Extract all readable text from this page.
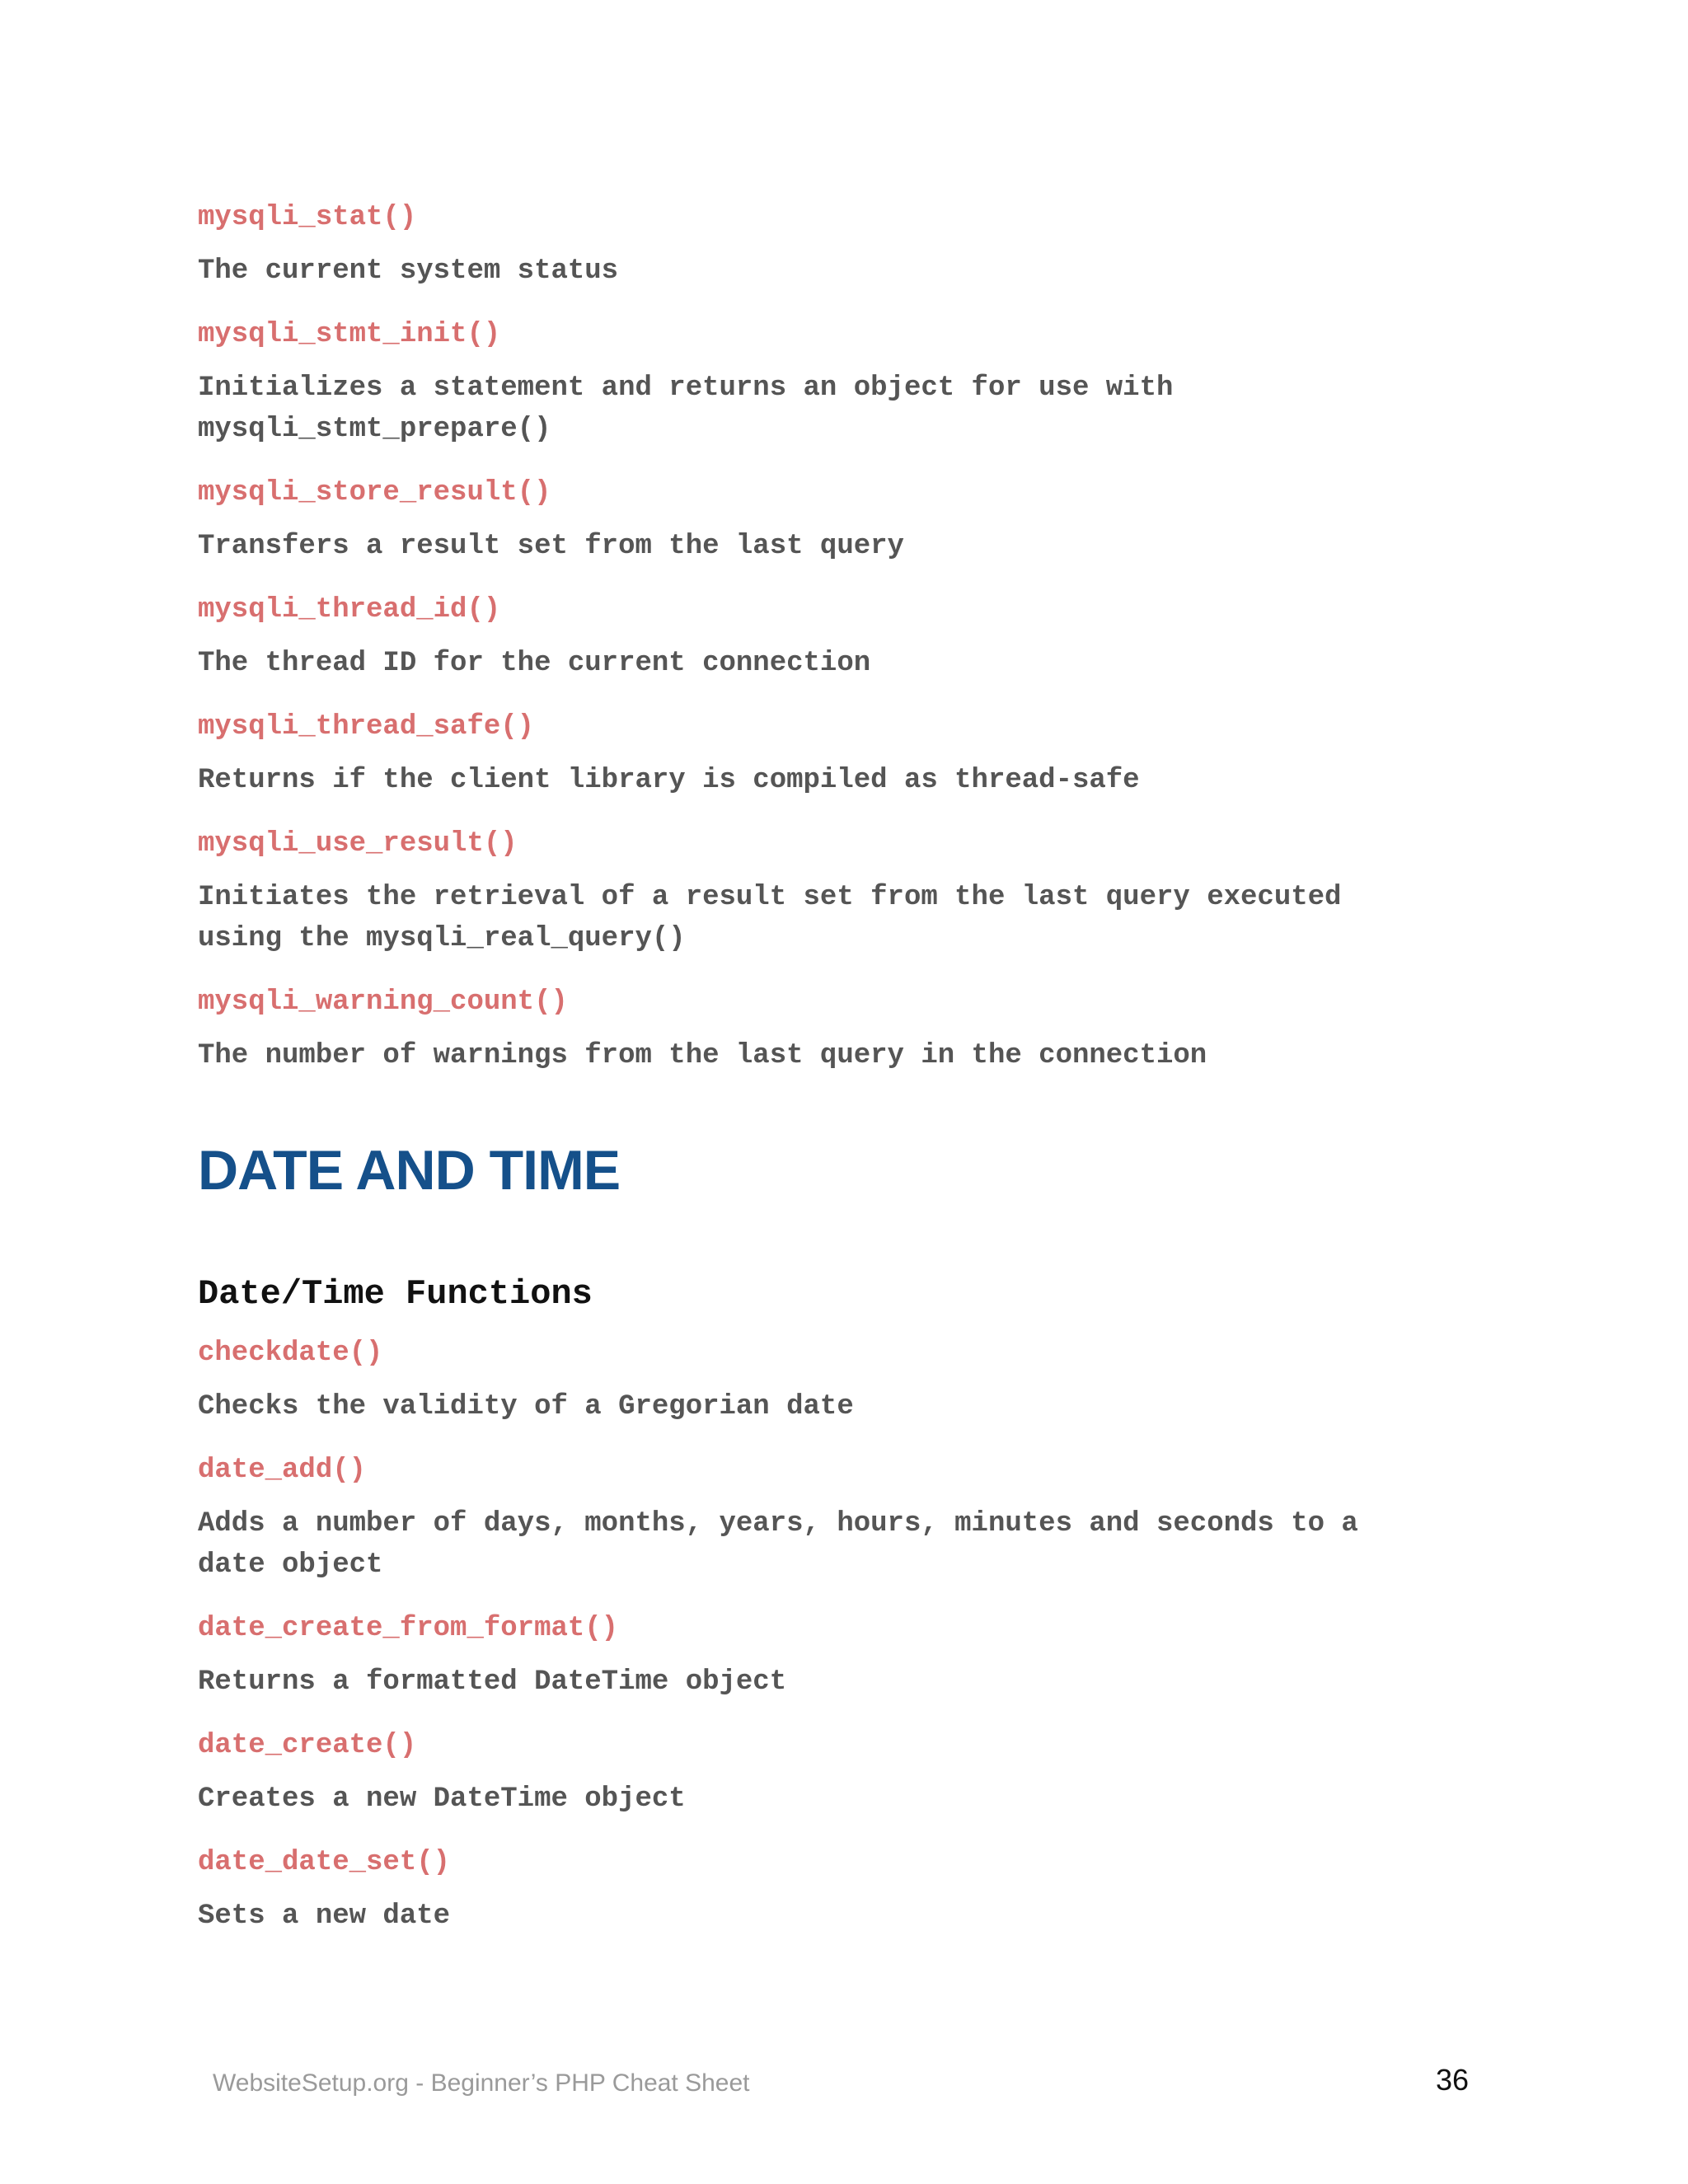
mysqli_stat()
The current system status
mysqli_stmt_init()
Initializes a statement and returns an object for use with
mysqli_stmt_prepare()
mysqli_store_result()
Transfers a result set from the last query
mysqli_thread_id()
The thread ID for the current connection
mysqli_thread_safe()
Returns if the client library is compiled as thread-safe
mysqli_use_result()
Initiates the retrieval of a result set from the last query executed
using the mysqli_real_query()
mysqli_warning_count()
The number of warnings from the last query in the connection
DATE AND TIME
Date/Time Functions
checkdate()
Checks the validity of a Gregorian date
date_add()
Adds a number of days, months, years, hours, minutes and seconds to a
date object
date_create_from_format()
Returns a formatted DateTime object
date_create()
Creates a new DateTime object
date_date_set()
Sets a new date
WebsiteSetup.org - Beginner’s PHP Cheat Sheet	36
